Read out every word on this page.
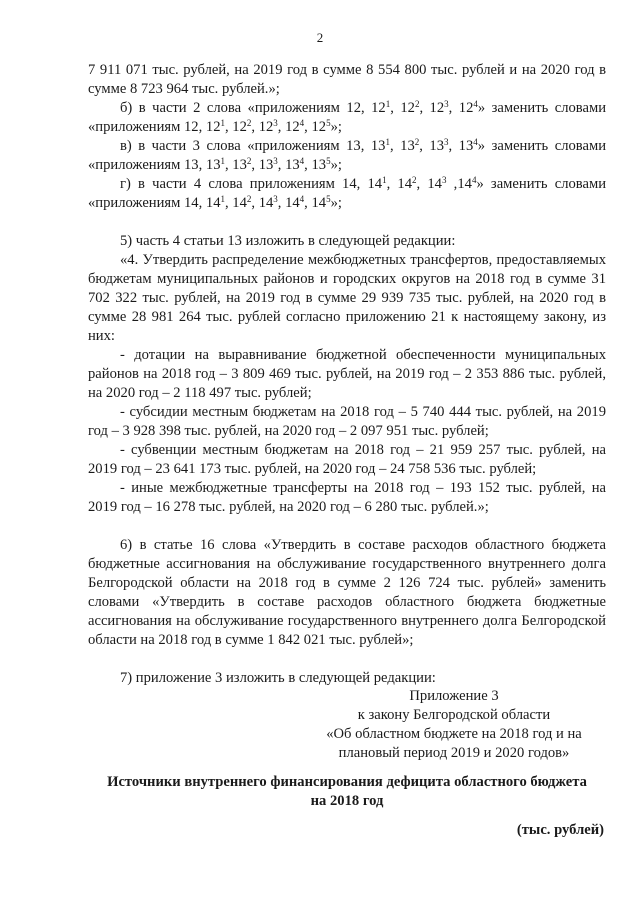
2

7 911 071 тыс. рублей, на 2019 год в сумме 8 554 800 тыс. рублей и на 2020 год в сумме 8 723 964 тыс. рублей.»;

б) в части 2 слова «приложениям 12, $12^1$, $12^2$, $12^3$, $12^4$» заменить словами «приложениям 12, $12^1$, $12^2$, $12^3$, $12^4$, $12^5$»;

в) в части 3 слова «приложениям 13, $13^1$, $13^2$, $13^3$, $13^4$» заменить словами «приложениям 13, $13^1$, $13^2$, $13^3$, $13^4$, $13^5$»;

г) в части 4 слова приложениям 14, $14^1$, $14^2$, $14^3$ $,14^4$» заменить словами «приложениям 14, $14^1$, $14^2$, $14^3$, $14^4$, $14^5$»;

5) часть 4 статьи 13 изложить в следующей редакции:

«4. Утвердить распределение межбюджетных трансфертов, предоставляемых бюджетам муниципальных районов и городских округов на 2018 год в сумме 31 702 322 тыс. рублей, на 2019 год в сумме 29 939 735 тыс. рублей, на 2020 год в сумме 28 981 264 тыс. рублей согласно приложению 21 к настоящему закону, из них:

- дотации на выравнивание бюджетной обеспеченности муниципальных районов на 2018 год – 3 809 469 тыс. рублей, на 2019 год – 2 353 886 тыс. рублей, на 2020 год – 2 118 497 тыс. рублей;

- субсидии местным бюджетам на 2018 год – 5 740 444 тыс. рублей, на 2019 год – 3 928 398 тыс. рублей, на 2020 год – 2 097 951 тыс. рублей;

- субвенции местным бюджетам на 2018 год – 21 959 257 тыс. рублей, на 2019 год – 23 641 173 тыс. рублей, на 2020 год – 24 758 536 тыс. рублей;

- иные межбюджетные трансферты на 2018 год – 193 152 тыс. рублей, на 2019 год – 16 278 тыс. рублей, на 2020 год – 6 280 тыс. рублей.»;

6) в статье 16 слова «Утвердить в составе расходов областного бюджета бюджетные ассигнования на обслуживание государственного внутреннего долга Белгородской области на 2018 год в сумме 2 126 724 тыс. рублей» заменить словами «Утвердить в составе расходов областного бюджета бюджетные ассигнования на обслуживание государственного внутреннего долга Белгородской области на 2018 год в сумме 1 842 021 тыс. рублей»;

7) приложение 3 изложить в следующей редакции:

Приложение 3
к закону Белгородской области
«Об областном бюджете на 2018 год и на
плановый период 2019 и 2020 годов»
Источники внутреннего финансирования дефицита областного бюджета
на 2018 год
(тыс. рублей)
